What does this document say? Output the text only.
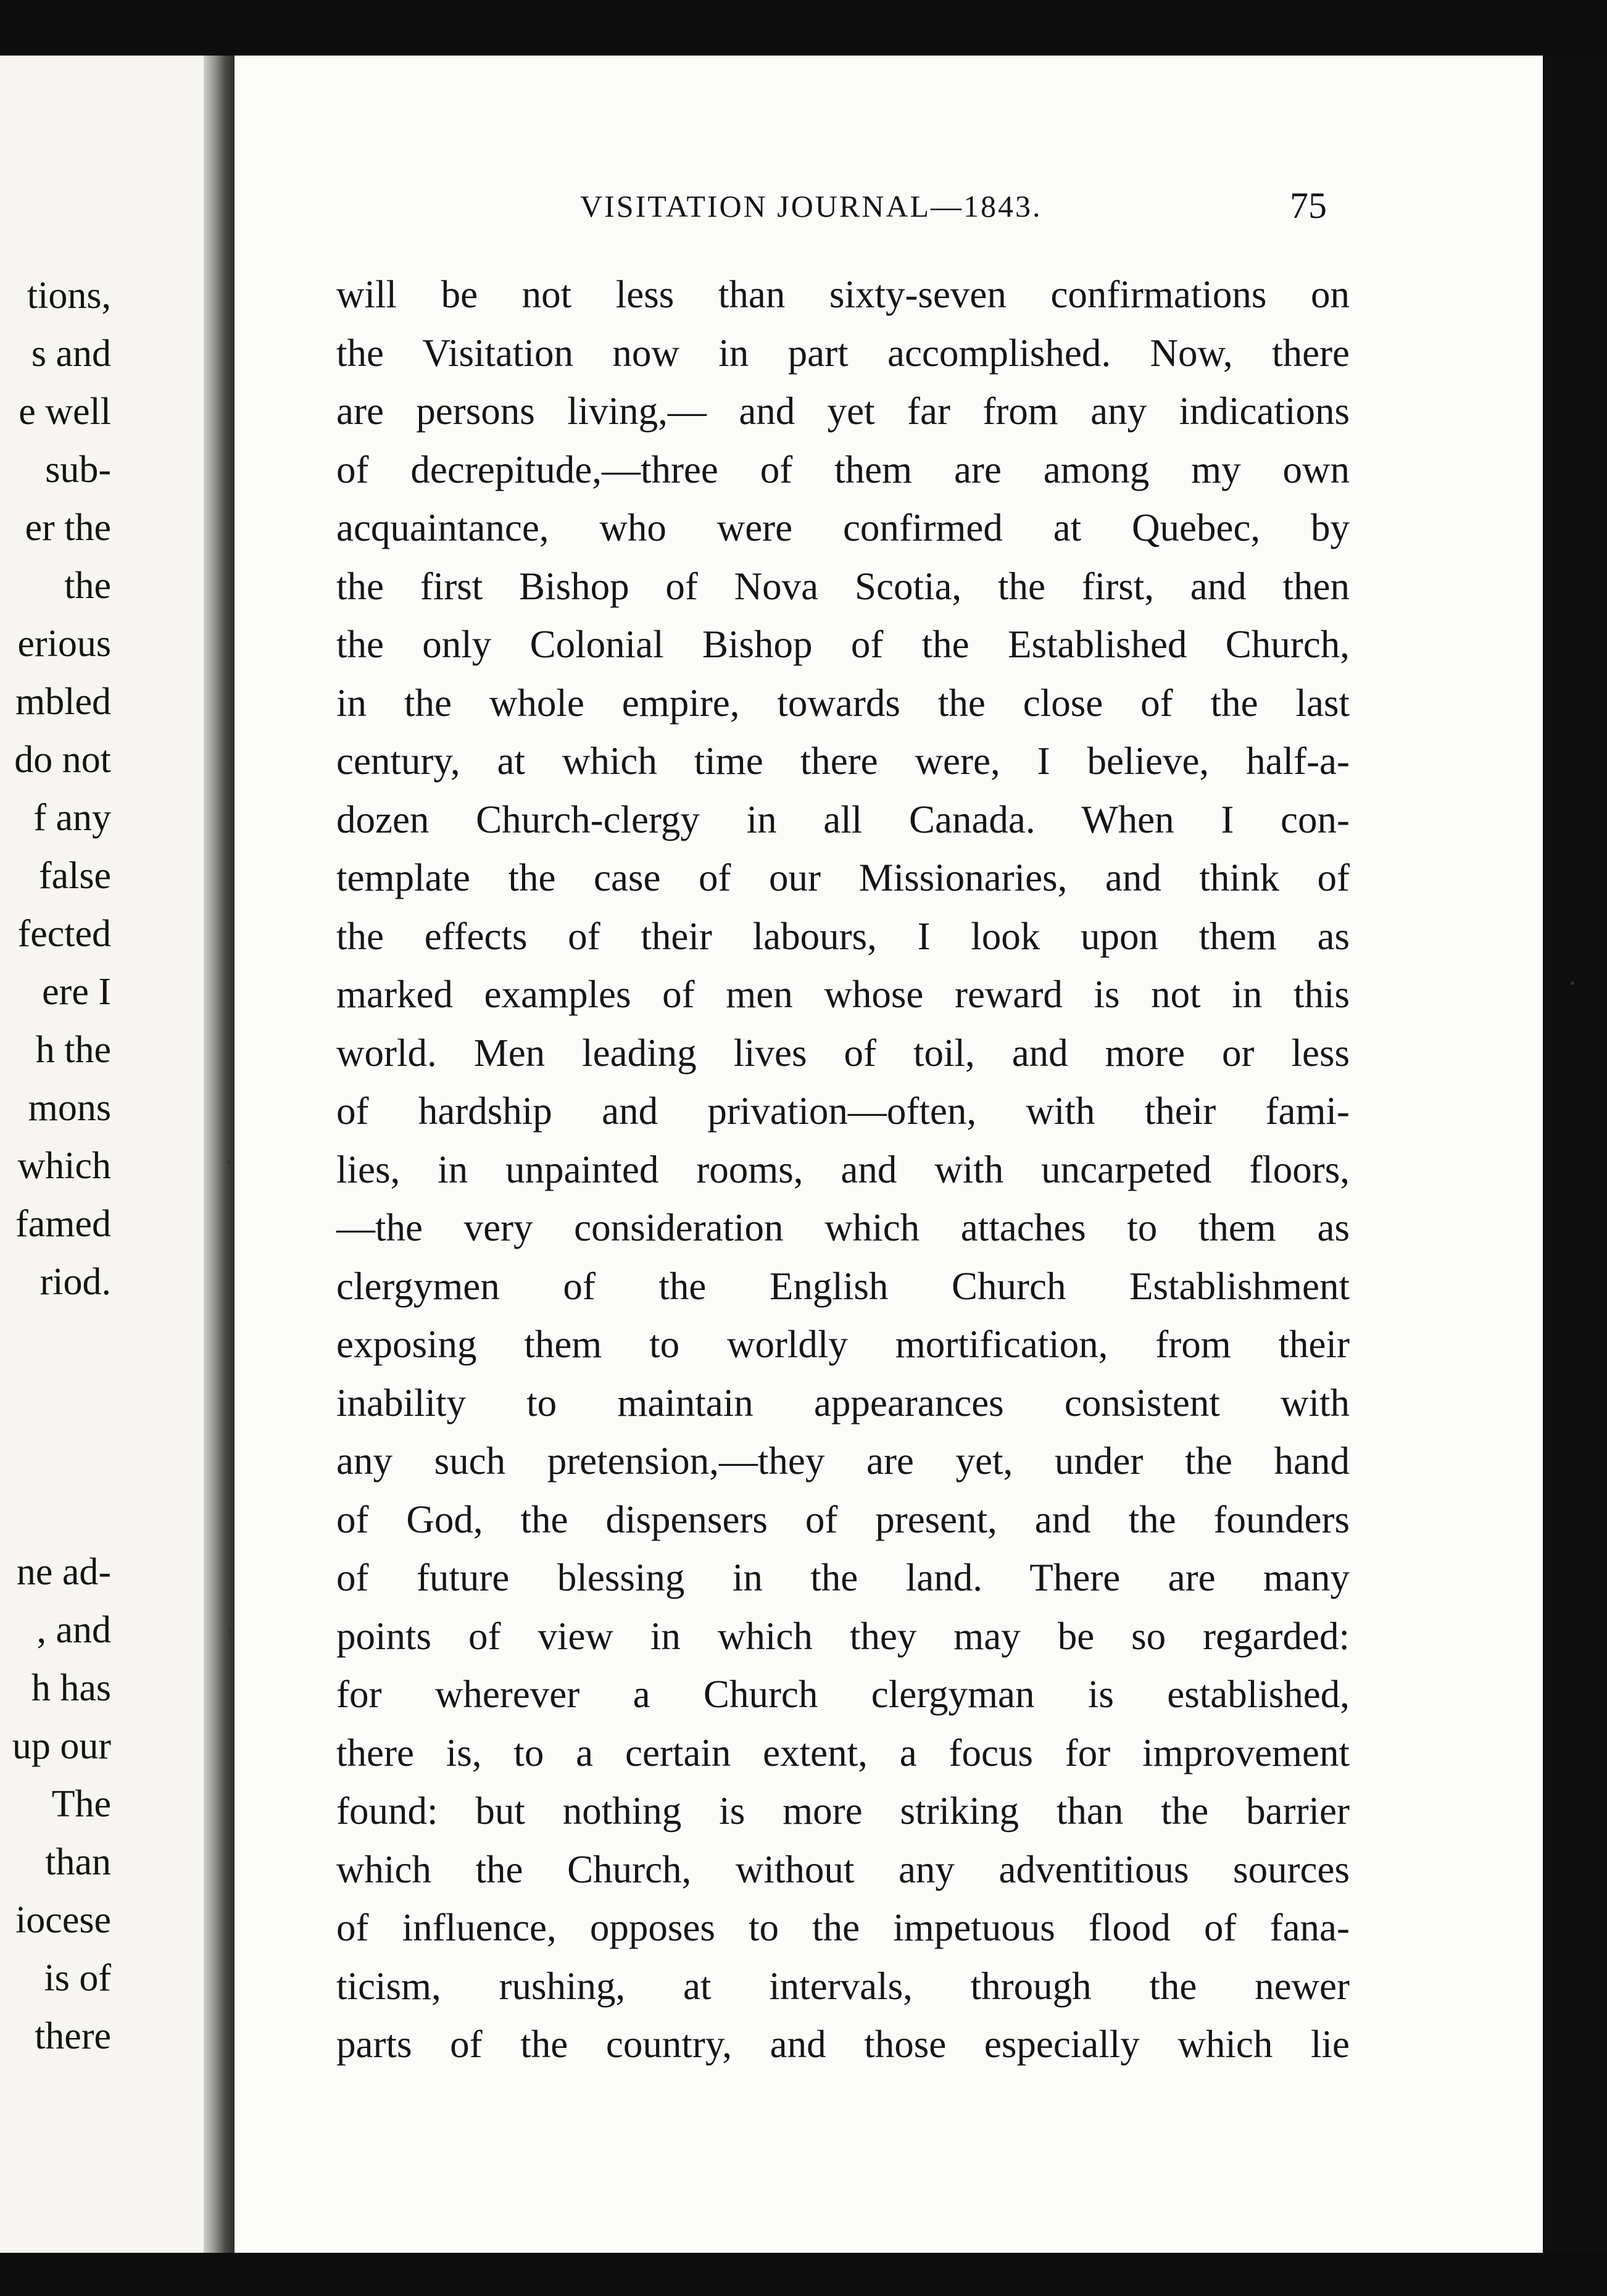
tions,
s and
e well
sub-
er the
the
erious
mbled
do not
f any
false
fected
ere I
h the
mons
which
famed
riod.
ne ad-
, and
h has
up our
The
than
iocese
is of
there
VISITATION JOURNAL—1843.	75
will be not less than sixty-seven confirmations on
the Visitation now in part accomplished. Now, there
are persons living,— and yet far from any indications
of decrepitude,—three of them are among my own
acquaintance, who were confirmed at Quebec, by
the first Bishop of Nova Scotia, the first, and then
the only Colonial Bishop of the Established Church,
in the whole empire, towards the close of the last
century, at which time there were, I believe, half-a-
dozen Church-clergy in all Canada. When I con-
template the case of our Missionaries, and think of
the effects of their labours, I look upon them as
marked examples of men whose reward is not in this
world. Men leading lives of toil, and more or less
of hardship and privation—often, with their fami-
lies, in unpainted rooms, and with uncarpeted floors,
—the very consideration which attaches to them as
clergymen of the English Church Establishment
exposing them to worldly mortification, from their
inability to maintain appearances consistent with
any such pretension,—they are yet, under the hand
of God, the dispensers of present, and the founders
of future blessing in the land. There are many
points of view in which they may be so regarded:
for wherever a Church clergyman is established,
there is, to a certain extent, a focus for improvement
found: but nothing is more striking than the barrier
which the Church, without any adventitious sources
of influence, opposes to the impetuous flood of fana-
ticism, rushing, at intervals, through the newer
parts of the country, and those especially which lie
